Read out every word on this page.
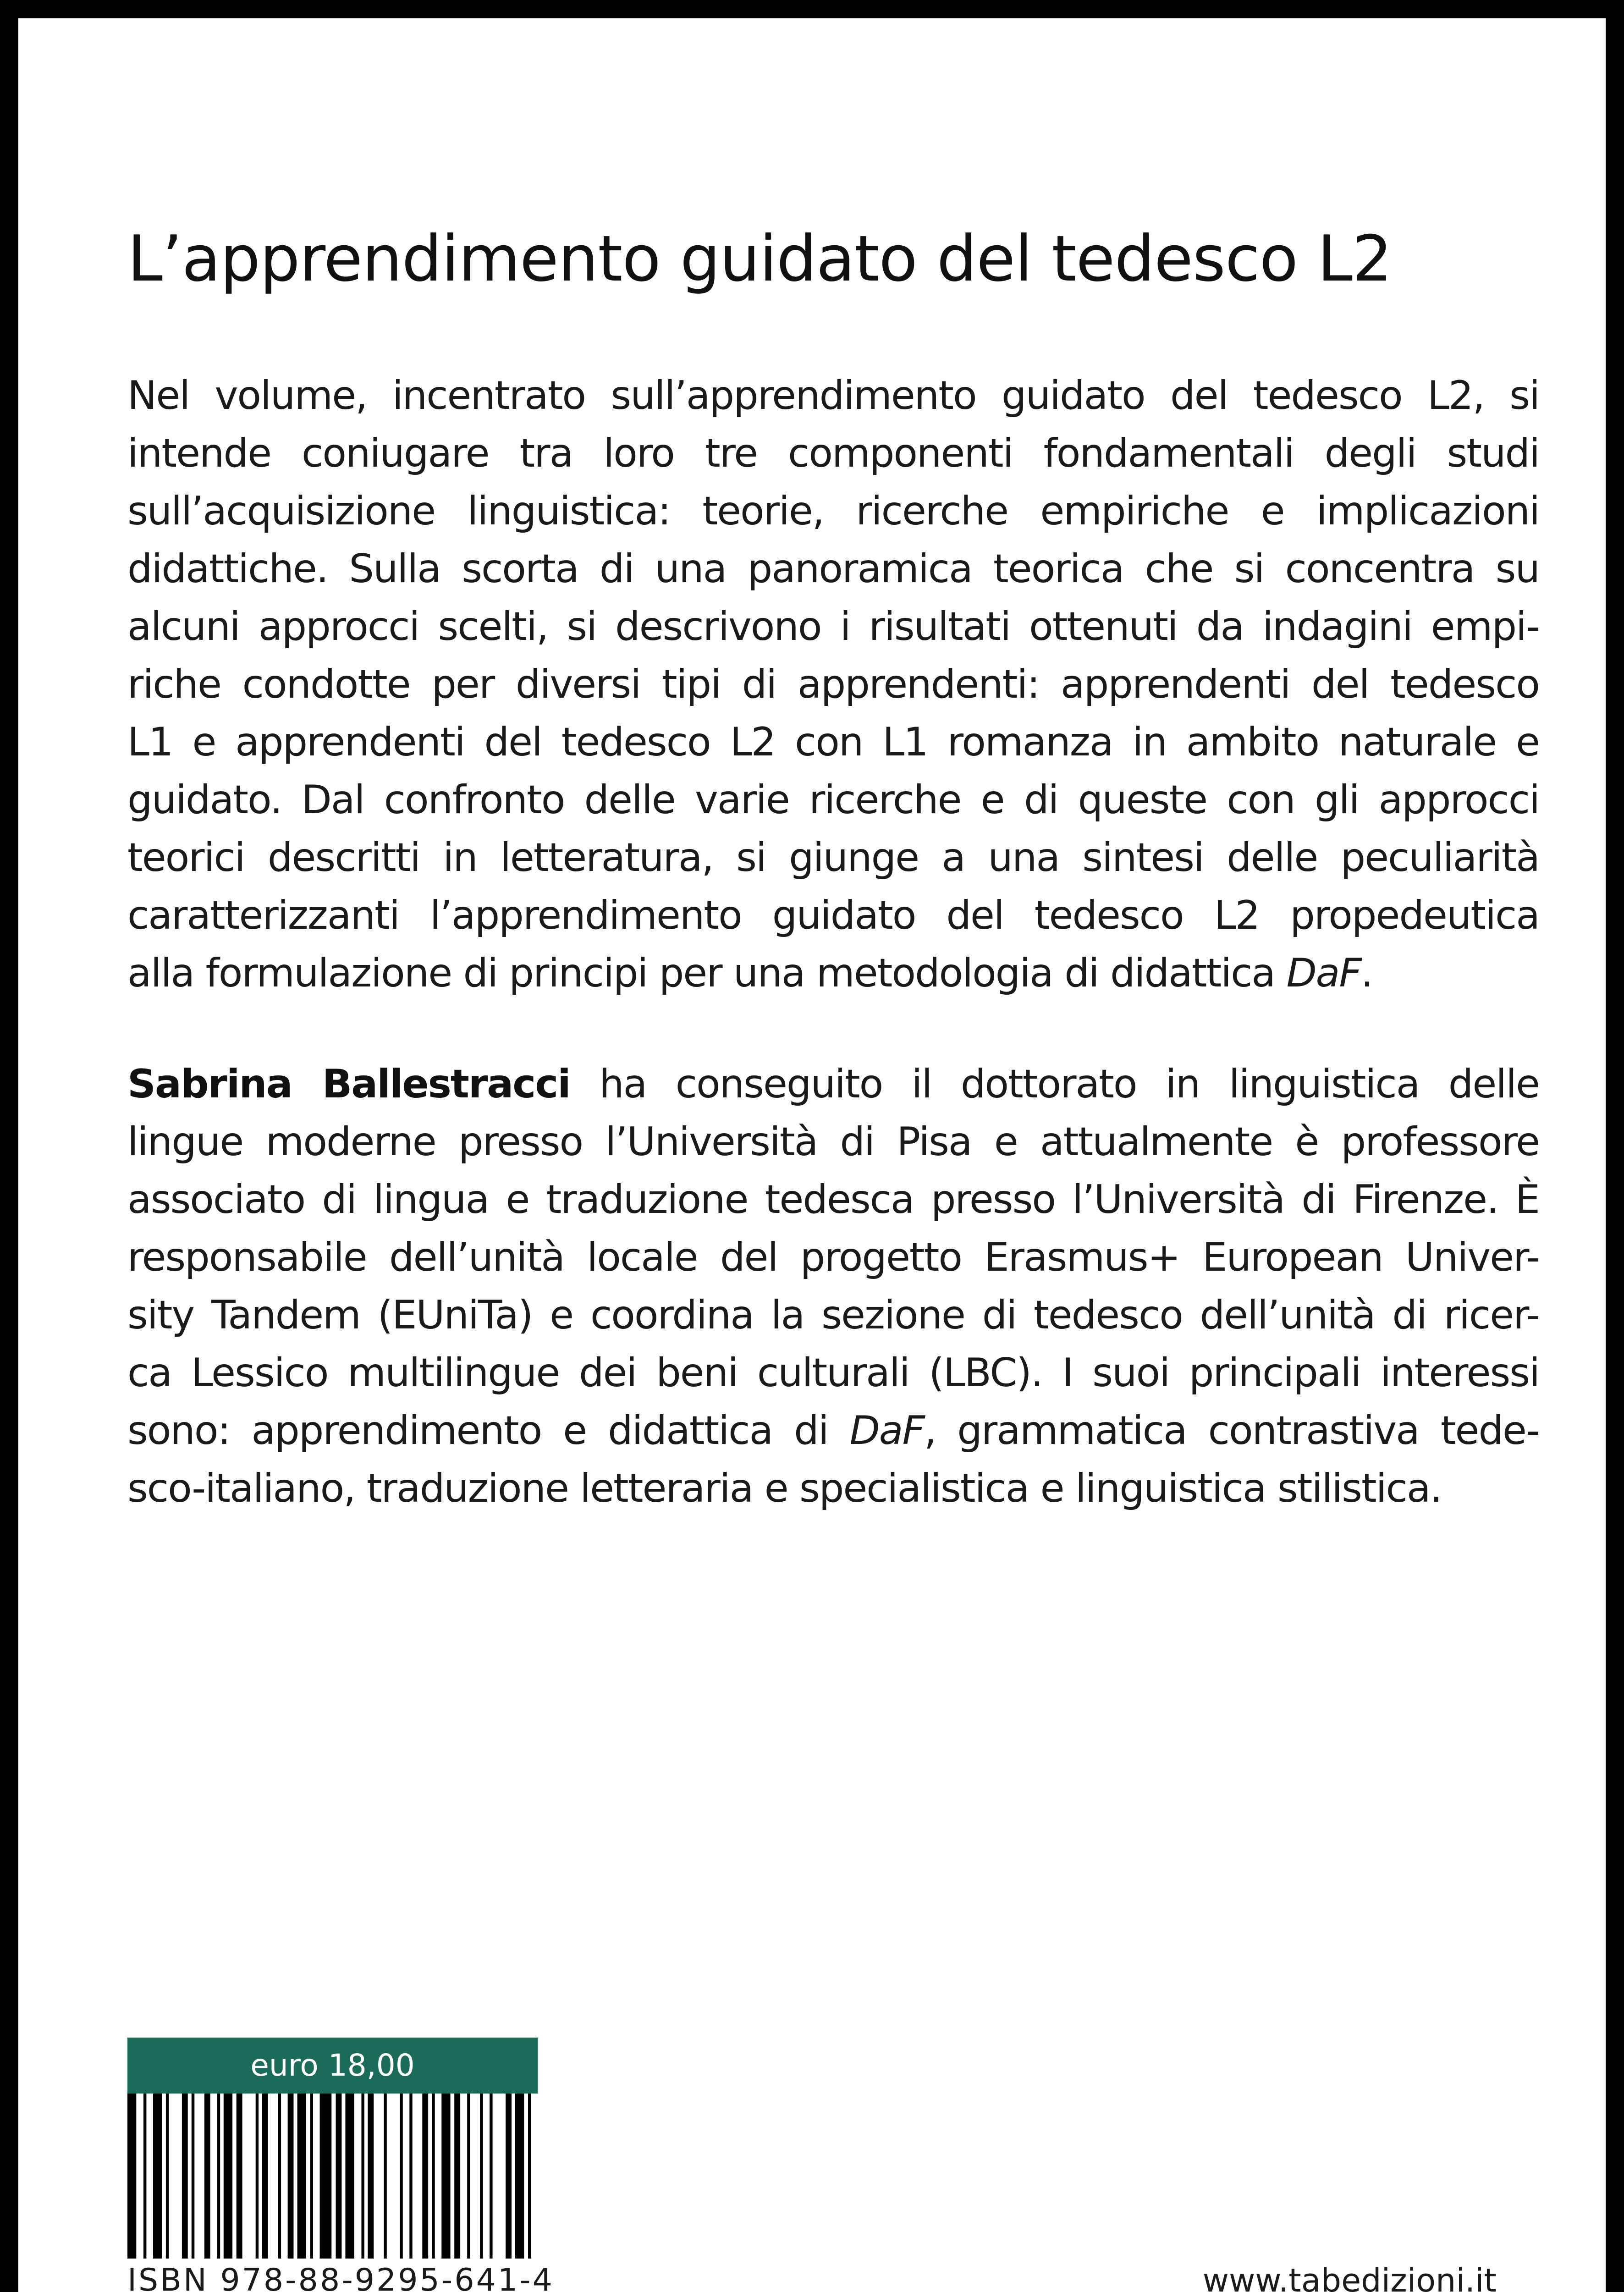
L’apprendimento guidato del tedesco L2
Nel volume, incentrato sull’apprendimento guidato del tedesco L2, si
intende coniugare tra loro tre componenti fondamentali degli studi
sull’acquisizione linguistica: teorie, ricerche empiriche e implicazioni
didattiche. Sulla scorta di una panoramica teorica che si concentra su
alcuni approcci scelti, si descrivono i risultati ottenuti da indagini empi-
riche condotte per diversi tipi di apprendenti: apprendenti del tedesco
L1 e apprendenti del tedesco L2 con L1 romanza in ambito naturale e
guidato. Dal confronto delle varie ricerche e di queste con gli approcci
teorici descritti in letteratura, si giunge a una sintesi delle peculiarità
caratterizzanti l’apprendimento guidato del tedesco L2 propedeutica
alla formulazione di principi per una metodologia di didattica DaF.
Sabrina Ballestracci ha conseguito il dottorato in linguistica delle
lingue moderne presso l’Università di Pisa e attualmente è professore
associato di lingua e traduzione tedesca presso l’Università di Firenze. È
responsabile dell’unità locale del progetto Erasmus+ European Univer-
sity Tandem (EUniTa) e coordina la sezione di tedesco dell’unità di ricer-
ca Lessico multilingue dei beni culturali (LBC). I suoi principali interessi
sono: apprendimento e didattica di DaF, grammatica contrastiva tede-
sco-italiano, traduzione letteraria e specialistica e linguistica stilistica.
euro 18,00
ISBN 978-88-9295-641-4	www.tabedizioni.it
